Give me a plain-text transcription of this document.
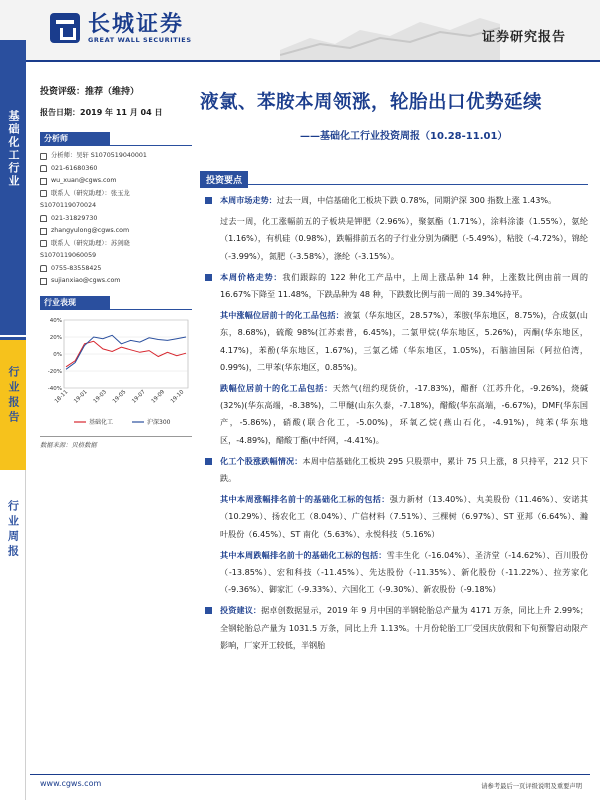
长城证券
GREAT WALL SECURITIES	证券研究报告
基础化工行业
行业报告
行业周报
投资评级：推荐（维持）
报告日期：2019 年 11 月 04 日
分析师
分析师：吴轩 S1070519040001
021-61680360
wu_xuan@cgws.com
联系人（研究助理）：张玉龙
S1070119070024
021-31829730
zhangyulong@cgws.com
联系人（研究助理）：苏剑晓
S1070119060059
0755-83558425
sujianxiao@cgws.com
行业表现
40%
20%
0%
-20%
-40%
18-11 19-01 19-03 19-05 19-07 19-09 19-10
基础化工	沪深300
数据来源：贝格数据
液氯、苯胺本周领涨，轮胎出口优势延续
——基础化工行业投资周报（10.28-11.01）
投资要点
本周市场走势：过去一周，中信基础化工板块下跌 0.78%，同期沪深 300 指数上涨 1.43%。
过去一周，化工涨幅前五的子板块是钾肥（2.96%），聚氨酯（1.71%），涂料涂漆（1.55%），氨纶（1.16%），有机硅（0.98%），跌幅排前五名的子行业分别为磷肥（-5.49%），粘胶（-4.72%），锦纶（-3.99%），氮肥（-3.58%），涤纶（-3.15%）。
本周价格走势：我们跟踪的 122 种化工产品中，上周上涨品种 14 种，上涨数比例由前一周的 16.67%下降至 11.48%，下跌品种为 48 种，下跌数比例与前一周的 39.34%持平。
其中涨幅位居前十的化工品包括：液氯（华东地区，28.57%），苯胺(华东地区，8.75%)，合成氨(山东，8.68%)，硫酸 98%(江苏索普，6.45%)，二氯甲烷(华东地区，5.26%)，丙酮(华东地区，4.17%)，苯酚(华东地区，1.67%)，三氯乙烯（华东地区，1.05%)，石脑油国际（阿拉伯湾，0.99%)，二甲苯(华东地区，0.85%)。
跌幅位居前十的化工品包括：天然气(纽约现货价，-17.83%)，醋酐（江苏升化，-9.26%)，烧碱(32%)(华东高端，-8.38%)，二甲醚(山东久泰，-7.18%)，醋酸(华东高端，-6.67%)，DMF(华东国产，-5.86%)，硝酸(联合化工，-5.00%)，环氧乙烷(燕山石化，-4.91%)，纯苯(华东地区，-4.89%)，醋酸丁酯(中纤网，-4.41%)。
化工个股涨跌幅情况：本周中信基础化工板块 295 只股票中，累计 75 只上涨，8 只持平，212 只下跌。
其中本周涨幅排名前十的基础化工标的包括：强力新材（13.40%）、丸美股份（11.46%）、安诺其（10.29%）、扬农化工（8.04%）、广信材料（7.51%）、三棵树（6.97%）、ST 亚邦（6.64%）、瀚叶股份（6.45%）、ST 南化（5.63%）、永悦科技（5.16%）
其中本周跌幅排名前十的基础化工标的包括：雪丰生化（-16.04%）、圣济堂（-14.62%）、百川股份（-13.85%）、宏和科技（-11.45%）、先达股份（-11.35%）、新化股份（-11.22%）、拉芳家化（-9.36%）、御家汇（-9.33%）、六国化工（-9.30%）、新农股份（-9.18%）
投资建议：据卓创数据显示，2019 年 9 月中国的半钢轮胎总产量为 4171 万条，同比上升 2.99%；全钢轮胎总产量为 1031.5 万条，同比上升 1.13%。十月份轮胎工厂受国庆放假和下旬预警启动限产影响，厂家开工较低，半钢胎
www.cgws.com	请参考最后一页评级说明及重要声明
